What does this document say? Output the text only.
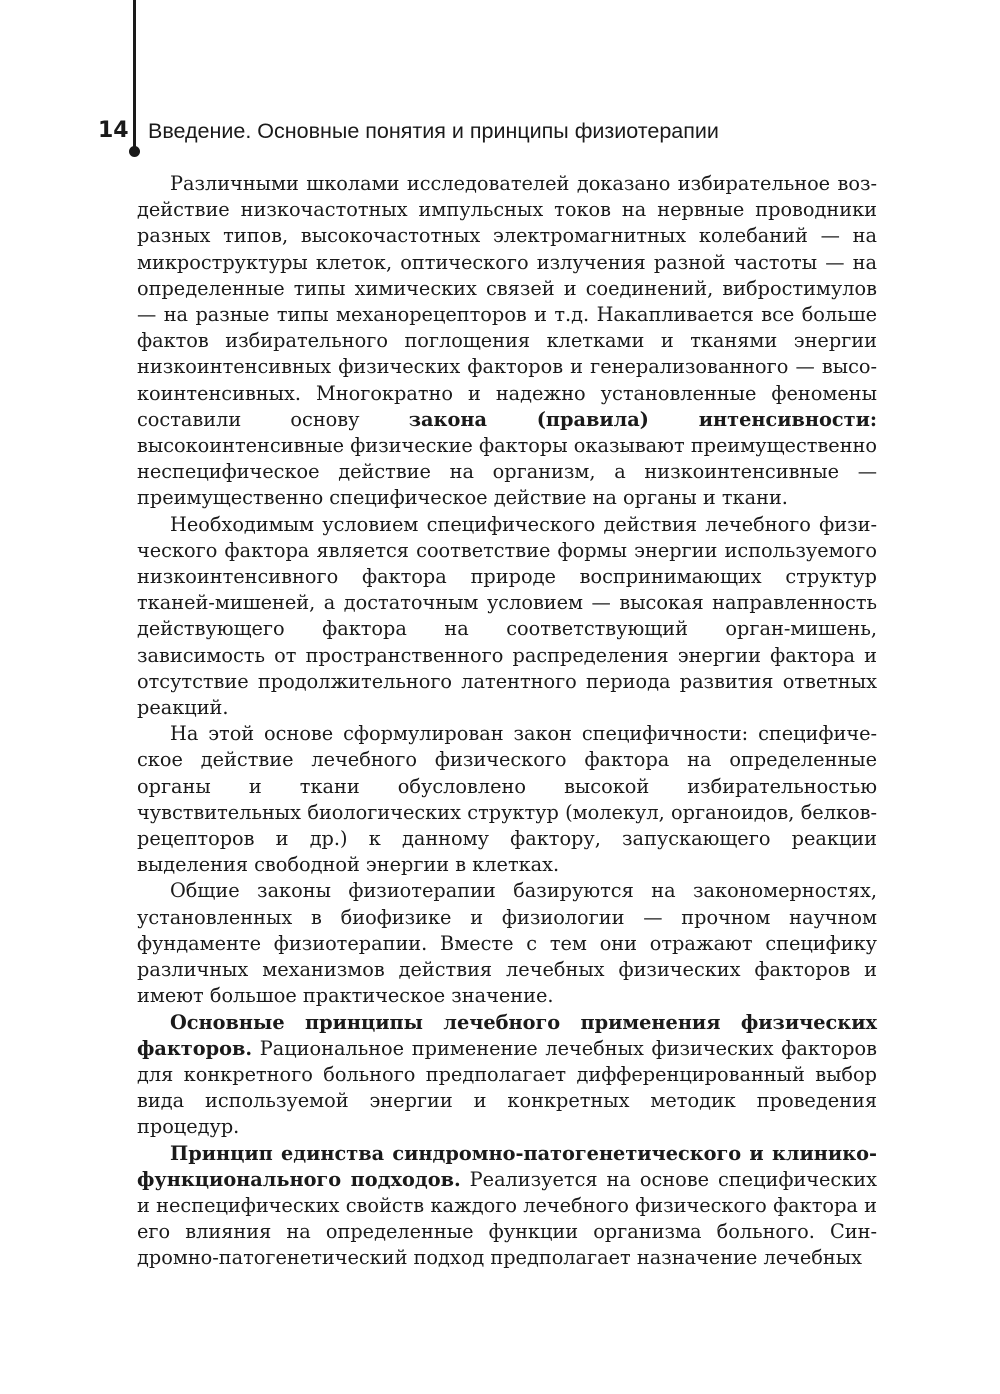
14 Введение. Основные понятия и принципы физиотерапии

Различными школами исследователей доказано избирательное воздействие низкочастотных импульсных токов на нервные проводники разных типов, высокочастотных электромагнитных колебаний — на микроструктуры клеток, оптического излучения разной частоты — на определенные типы химических связей и соединений, вибростимулов — на разные типы механорецепторов и т.д. Накапливается все больше фактов избирательного поглощения клетками и тканями энергии низкоинтенсивных физических факторов и генерализованного — высокоинтенсивных. Многократно и надежно установленные феномены составили основу закона (правила) интенсивности: высокоинтенсивные физические факторы оказывают преимущественно неспецифическое действие на организм, а низкоинтенсивные — преимущественно специфическое действие на органы и ткани.

Необходимым условием специфического действия лечебного физического фактора является соответствие формы энергии используемого низкоинтенсивного фактора природе воспринимающих структур тканей-мишеней, а достаточным условием — высокая направленность действующего фактора на соответствующий орган-мишень, зависимость от пространственного распределения энергии фактора и отсутствие продолжительного латентного периода развития ответных реакций.

На этой основе сформулирован закон специфичности: специфическое действие лечебного физического фактора на определенные органы и ткани обусловлено высокой избирательностью чувствительных биологических структур (молекул, органоидов, белков-рецепторов и др.) к данному фактору, запускающего реакции выделения свободной энергии в клетках.

Общие законы физиотерапии базируются на закономерностях, установленных в биофизике и физиологии — прочном научном фундаменте физиотерапии. Вместе с тем они отражают специфику различных механизмов действия лечебных физических факторов и имеют большое практическое значение.

Основные принципы лечебного применения физических факторов. Рациональное применение лечебных физических факторов для конкретного больного предполагает дифференцированный выбор вида используемой энергии и конкретных методик проведения процедур.

Принцип единства синдромно-патогенетического и клинико-функционального подходов. Реализуется на основе специфических и неспецифических свойств каждого лечебного физического фактора и его влияния на определенные функции организма больного. Синдромно-патогенетический подход предполагает назначение лечебных
